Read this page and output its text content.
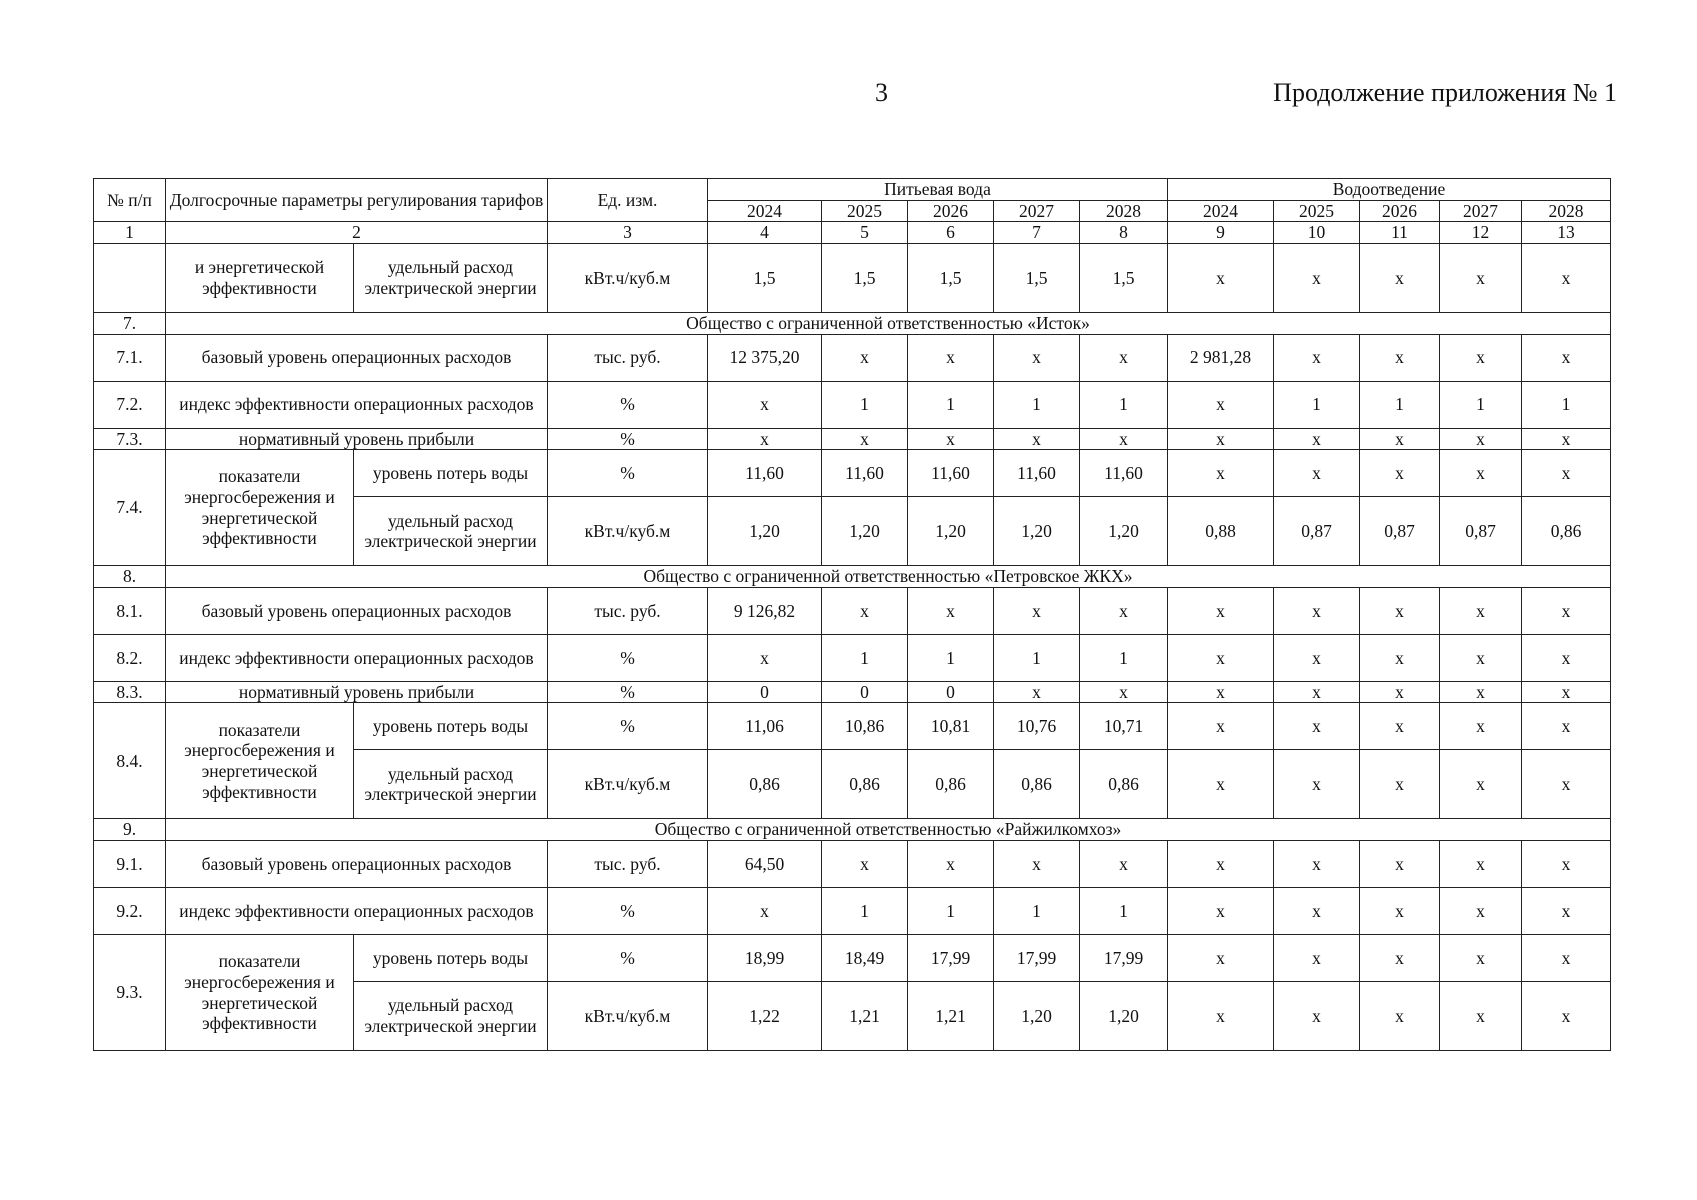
3	Продолжение приложения № 1
№ п/п	Долгосрочные параметры регулирования тарифов		Ед. изм.	Питьевая вода					Водоотведение				
				2024	2025	2026	2027	2028	2024	2025	2026	2027	2028
1	2		3	4	5	6	7	8	9	10	11	12	13
	и энергетической эффективности	удельный расход электрической энергии	кВт.ч/куб.м	1,5	1,5	1,5	1,5	1,5	х	х	х	х	х
7.	Общество с ограниченной ответственностью «Исток»												
7.1.	базовый уровень операционных расходов		тыс. руб.	12 375,20	х	х	х	х	2 981,28	х	х	х	х
7.2.	индекс эффективности операционных расходов		%	х	1	1	1	1	х	1	1	1	1
7.3.	нормативный уровень прибыли		%	х	х	х	х	х	х	х	х	х	х
7.4.	показатели энергосбережения и энергетической эффективности	уровень потерь воды	%	11,60	11,60	11,60	11,60	11,60	х	х	х	х	х
		удельный расход электрической энергии	кВт.ч/куб.м	1,20	1,20	1,20	1,20	1,20	0,88	0,87	0,87	0,87	0,86
8.	Общество с ограниченной ответственностью «Петровское ЖКХ»												
8.1.	базовый уровень операционных расходов		тыс. руб.	9 126,82	х	х	х	х	х	х	х	х	х
8.2.	индекс эффективности операционных расходов		%	х	1	1	1	1	х	х	х	х	х
8.3.	нормативный уровень прибыли		%	0	0	0	х	х	х	х	х	х	х
8.4.	показатели энергосбережения и энергетической эффективности	уровень потерь воды	%	11,06	10,86	10,81	10,76	10,71	х	х	х	х	х
		удельный расход электрической энергии	кВт.ч/куб.м	0,86	0,86	0,86	0,86	0,86	х	х	х	х	х
9.	Общество с ограниченной ответственностью «Райжилкомхоз»												
9.1.	базовый уровень операционных расходов		тыс. руб.	64,50	х	х	х	х	х	х	х	х	х
9.2.	индекс эффективности операционных расходов		%	х	1	1	1	1	х	х	х	х	х
9.3.	показатели энергосбережения и энергетической эффективности	уровень потерь воды	%	18,99	18,49	17,99	17,99	17,99	х	х	х	х	х
		удельный расход электрической энергии	кВт.ч/куб.м	1,22	1,21	1,21	1,20	1,20	х	х	х	х	х
